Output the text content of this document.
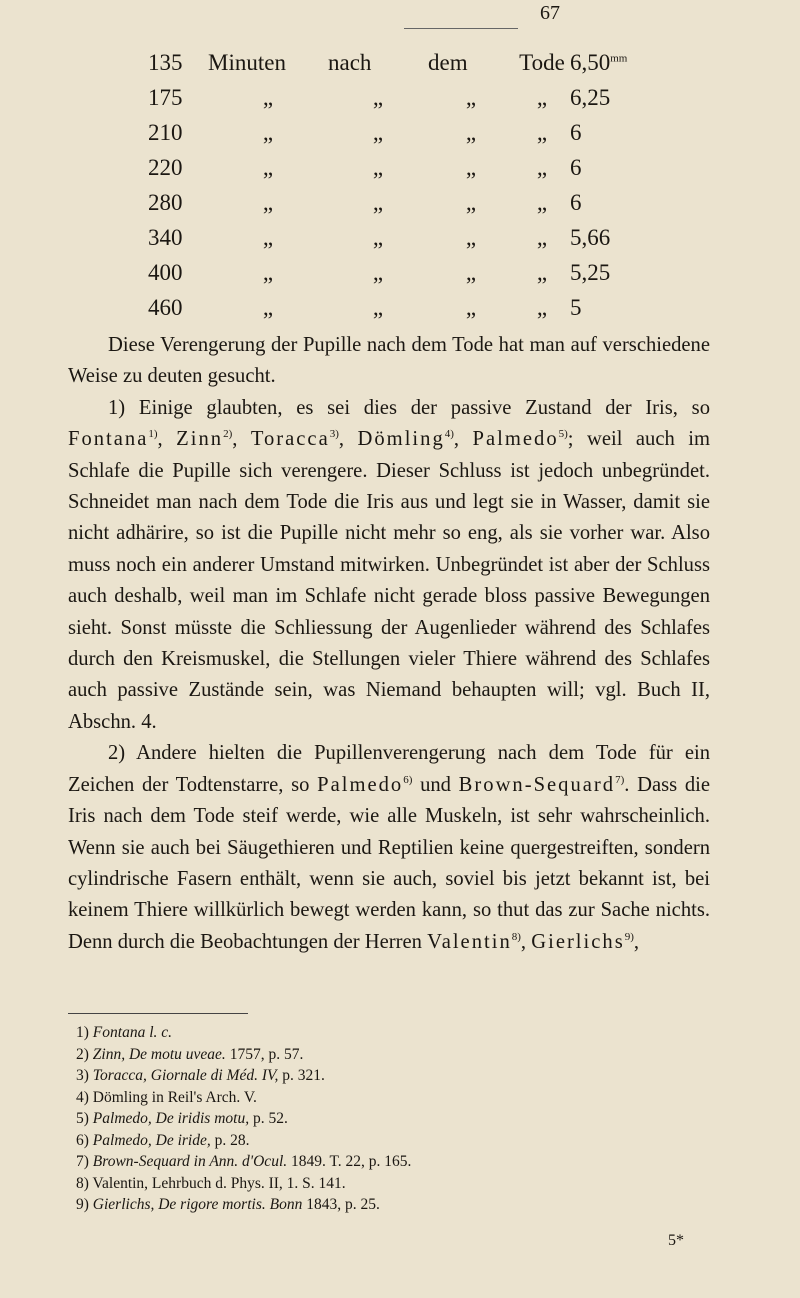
67
135	Minuten	nach	dem	Tode $6,50^{mm}$
175	„	„	„	„ 6,25
210	„	„	„	„ 6
220	„	„	„	„ 6
280	„	„	„	„ 6
340	„	„	„	„ 5,66
400	„	„	„	„ 5,25
460	„	„	„	„ 5

Diese Verengerung der Pupille nach dem Tode hat man auf verschiedene Weise zu deuten gesucht.

1) Einige glaubten, es sei dies der passive Zustand der Iris, so Fontana$^{1)}$, Zinn$^{2)}$, Toracca$^{3)}$, Dömling$^{4)}$, Palmedo$^{5)}$; weil auch im Schlafe die Pupille sich verengere. Dieser Schluss ist jedoch unbegründet. Schneidet man nach dem Tode die Iris aus und legt sie in Wasser, damit sie nicht adhärire, so ist die Pupille nicht mehr so eng, als sie vorher war. Also muss noch ein anderer Umstand mitwirken. Unbegründet ist aber der Schluss auch deshalb, weil man im Schlafe nicht gerade bloss passive Bewegungen sieht. Sonst müsste die Schliessung der Augenlieder während des Schlafes durch den Kreismuskel, die Stellungen vieler Thiere während des Schlafes auch passive Zustände sein, was Niemand behaupten will; vgl. Buch II, Abschn. 4.

2) Andere hielten die Pupillenverengerung nach dem Tode für ein Zeichen der Todtenstarre, so Palmedo$^{6)}$ und Brown-Sequard$^{7)}$. Dass die Iris nach dem Tode steif werde, wie alle Muskeln, ist sehr wahrscheinlich. Wenn sie auch bei Säugethieren und Reptilien keine quergestreiften, sondern cylindrische Fasern enthält, wenn sie auch, soviel bis jetzt bekannt ist, bei keinem Thiere willkürlich bewegt werden kann, so thut das zur Sache nichts. Denn durch die Beobachtungen der Herren Valentin$^{8)}$, Gierlichs$^{9)}$,

1) Fontana l. c.
2) Zinn, De motu uveae. 1757, p. 57.
3) Toracca, Giornale di Méd. IV, p. 321.
4) Dömling in Reil's Arch. V.
5) Palmedo, De iridis motu, p. 52.
6) Palmedo, De iride, p. 28.
7) Brown-Sequard in Ann. d'Ocul. 1849. T. 22, p. 165.
8) Valentin, Lehrbuch d. Phys. II, 1. S. 141.
9) Gierlichs, De rigore mortis. Bonn 1843, p. 25.
5*
